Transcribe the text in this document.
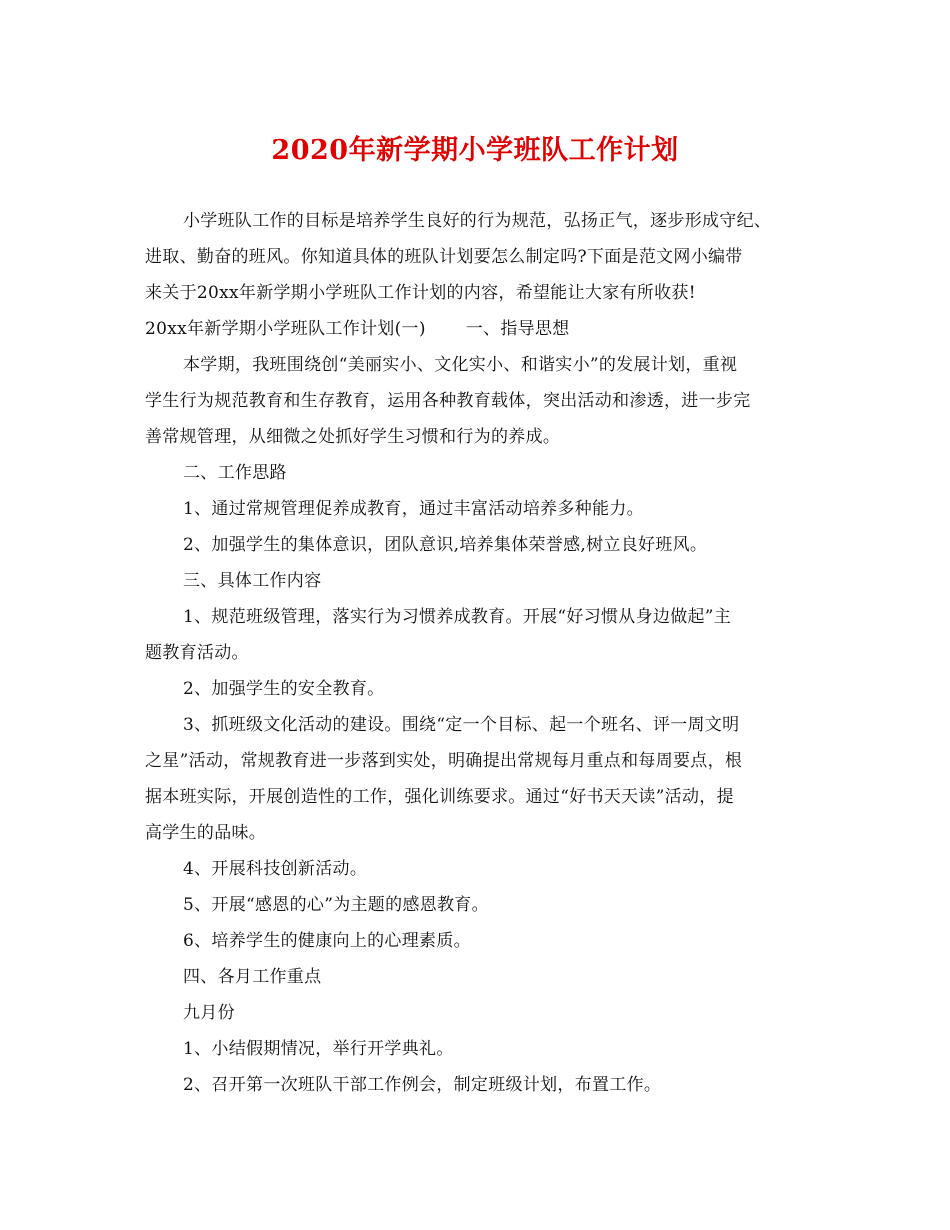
2020年新学期小学班队工作计划
小学班队工作的目标是培养学生良好的行为规范，弘扬正气，逐步形成守纪、
进取、勤奋的班风。你知道具体的班队计划要怎么制定吗?下面是范文网小编带
来关于20xx年新学期小学班队工作计划的内容，希望能让大家有所收获!
20xx年新学期小学班队工作计划(一) 一、指导思想
本学期，我班围绕创“美丽实小、文化实小、和谐实小”的发展计划，重视
学生行为规范教育和生存教育，运用各种教育载体，突出活动和渗透，进一步完
善常规管理，从细微之处抓好学生习惯和行为的养成。
二、工作思路
1、通过常规管理促养成教育，通过丰富活动培养多种能力。
2、加强学生的集体意识，团队意识,培养集体荣誉感,树立良好班风。
三、具体工作内容
1、规范班级管理，落实行为习惯养成教育。开展“好习惯从身边做起”主
题教育活动。
2、加强学生的安全教育。
3、抓班级文化活动的建设。围绕“定一个目标、起一个班名、评一周文明
之星”活动，常规教育进一步落到实处，明确提出常规每月重点和每周要点，根
据本班实际，开展创造性的工作，强化训练要求。通过“好书天天读”活动，提
高学生的品味。
4、开展科技创新活动。
5、开展“感恩的心”为主题的感恩教育。
6、培养学生的健康向上的心理素质。
四、各月工作重点
九月份
1、小结假期情况，举行开学典礼。
2、召开第一次班队干部工作例会，制定班级计划，布置工作。
